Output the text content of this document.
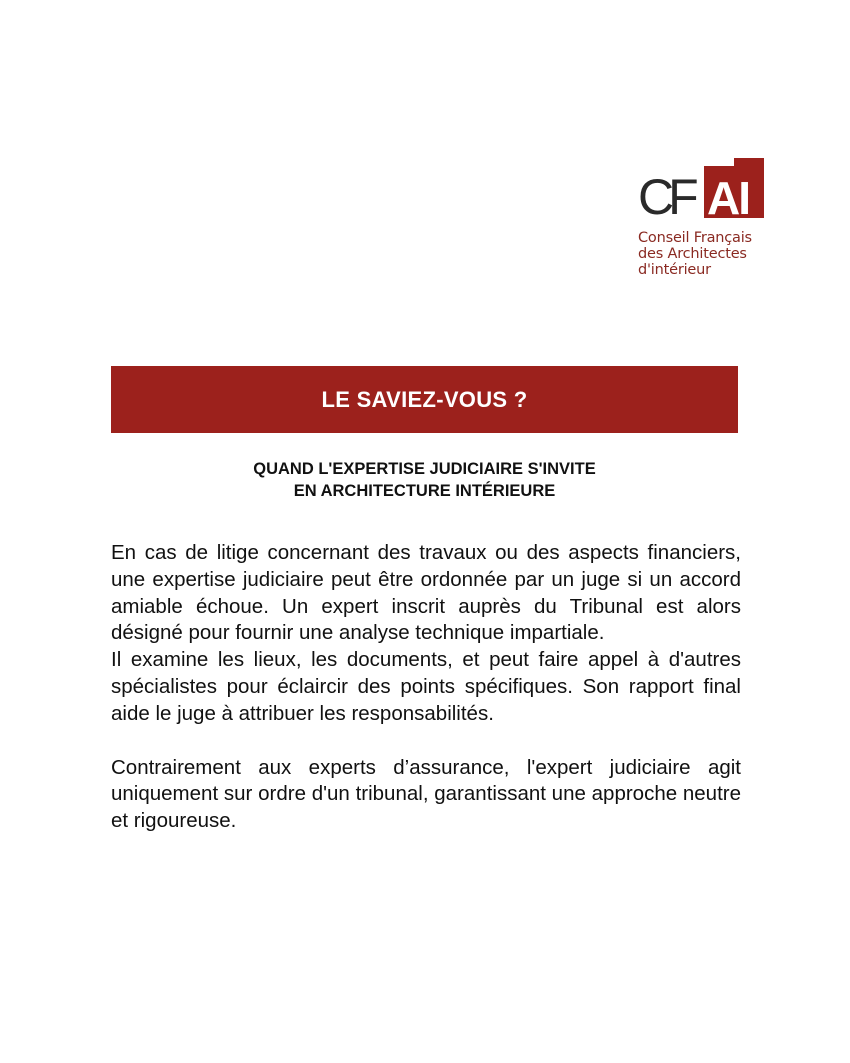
CF AI
Conseil Français
des Architectes
d'intérieur
LE SAVIEZ-VOUS ?
QUAND L'EXPERTISE JUDICIAIRE S'INVITE
EN ARCHITECTURE INTÉRIEURE

En cas de litige concernant des travaux ou des aspects financiers, une expertise judiciaire peut être ordonnée par un juge si un accord amiable échoue. Un expert inscrit auprès du Tribunal est alors désigné pour fournir une analyse technique impartiale.
Il examine les lieux, les documents, et peut faire appel à d'autres spécialistes pour éclaircir des points spécifiques. Son rapport final aide le juge à attribuer les responsabilités.

Contrairement aux experts d’assurance, l'expert judiciaire agit uniquement sur ordre d'un tribunal, garantissant une approche neutre et rigoureuse.
